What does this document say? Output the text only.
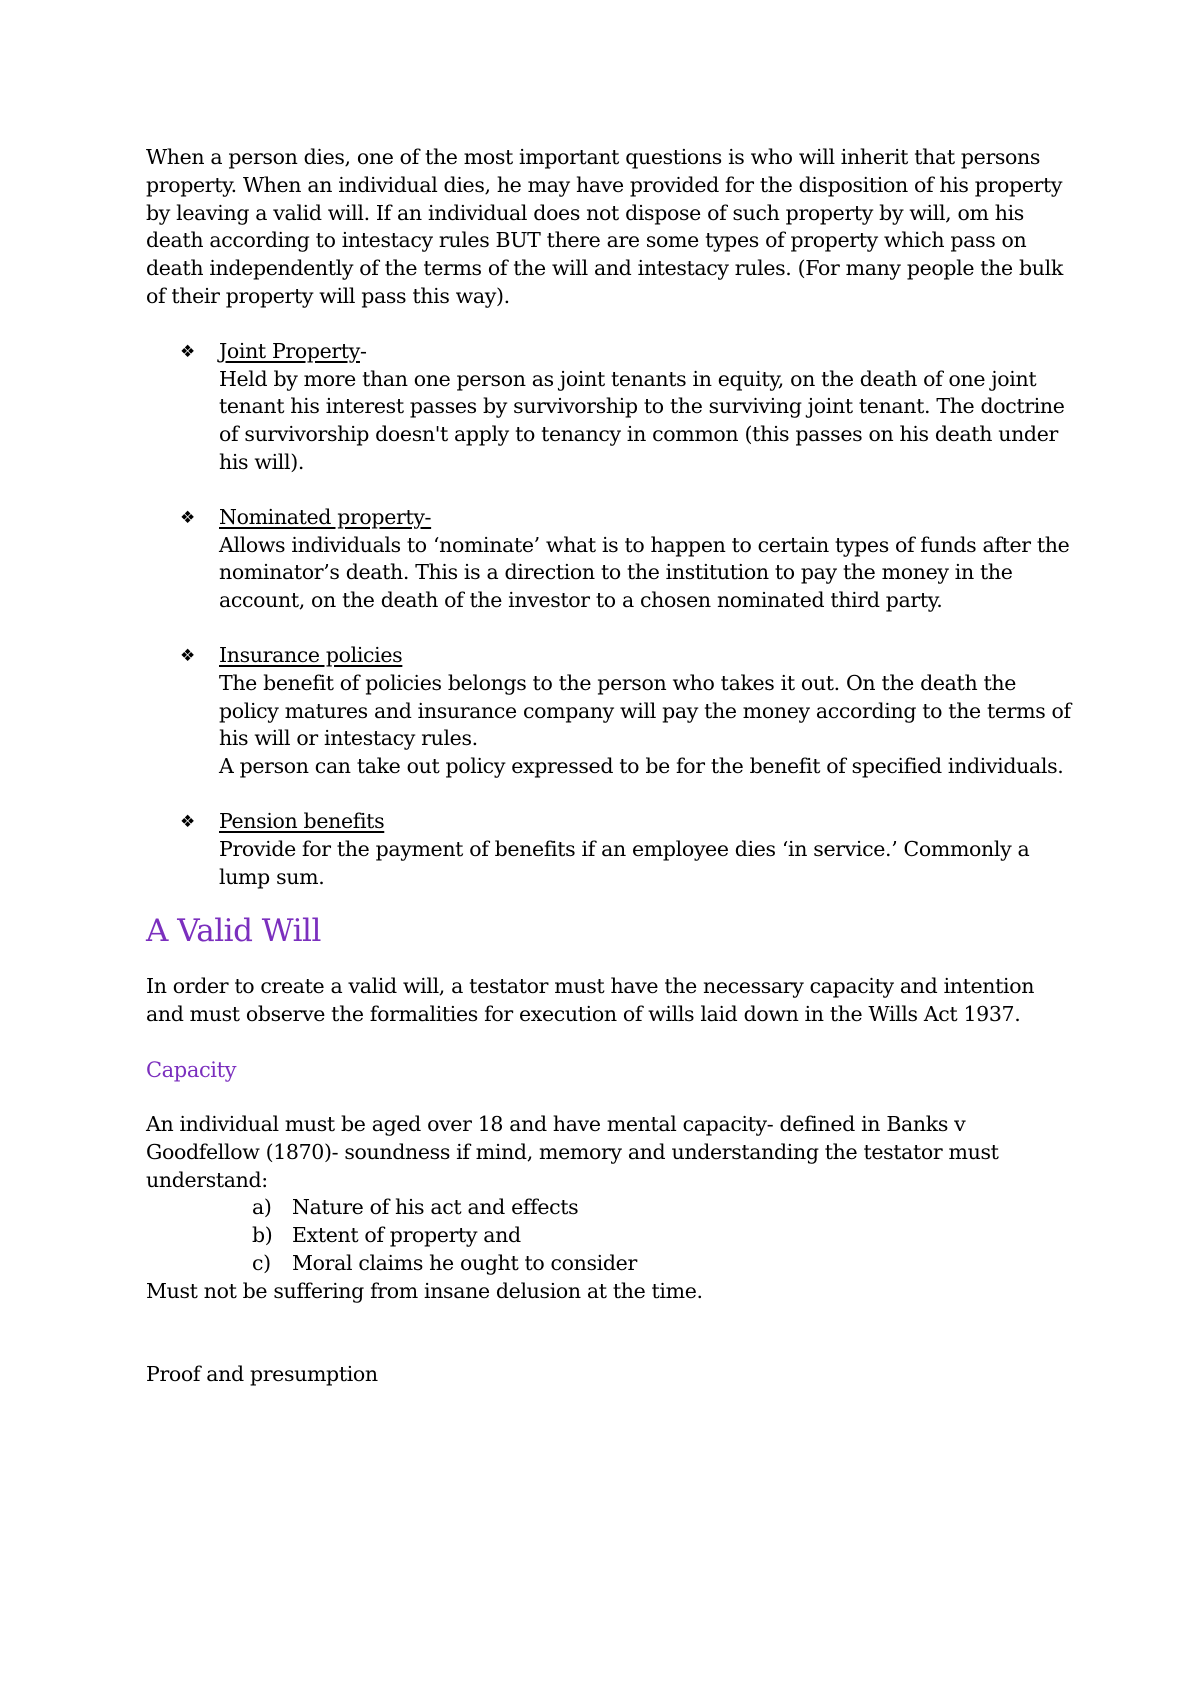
When a person dies, one of the most important questions is who will inherit that persons property. When an individual dies, he may have provided for the disposition of his property by leaving a valid will. If an individual does not dispose of such property by will, om his death according to intestacy rules BUT there are some types of property which pass on death independently of the terms of the will and intestacy rules. (For many people the bulk of their property will pass this way).

❖ Joint Property-
Held by more than one person as joint tenants in equity, on the death of one joint tenant his interest passes by survivorship to the surviving joint tenant. The doctrine of survivorship doesn't apply to tenancy in common (this passes on his death under his will).
❖ Nominated property-
Allows individuals to ‘nominate’ what is to happen to certain types of funds after the nominator’s death. This is a direction to the institution to pay the money in the account, on the death of the investor to a chosen nominated third party.
❖ Insurance policies
The benefit of policies belongs to the person who takes it out. On the death the policy matures and insurance company will pay the money according to the terms of his will or intestacy rules.
A person can take out policy expressed to be for the benefit of specified individuals.
❖ Pension benefits
Provide for the payment of benefits if an employee dies ‘in service.’ Commonly a lump sum.
A Valid Will

In order to create a valid will, a testator must have the necessary capacity and intention and must observe the formalities for execution of wills laid down in the Wills Act 1937.

Capacity

An individual must be aged over 18 and have mental capacity- defined in Banks v Goodfellow (1870)- soundness if mind, memory and understanding the testator must understand:

a) Nature of his act and effects
b) Extent of property and
c) Moral claims he ought to consider

Must not be suffering from insane delusion at the time.

Proof and presumption
